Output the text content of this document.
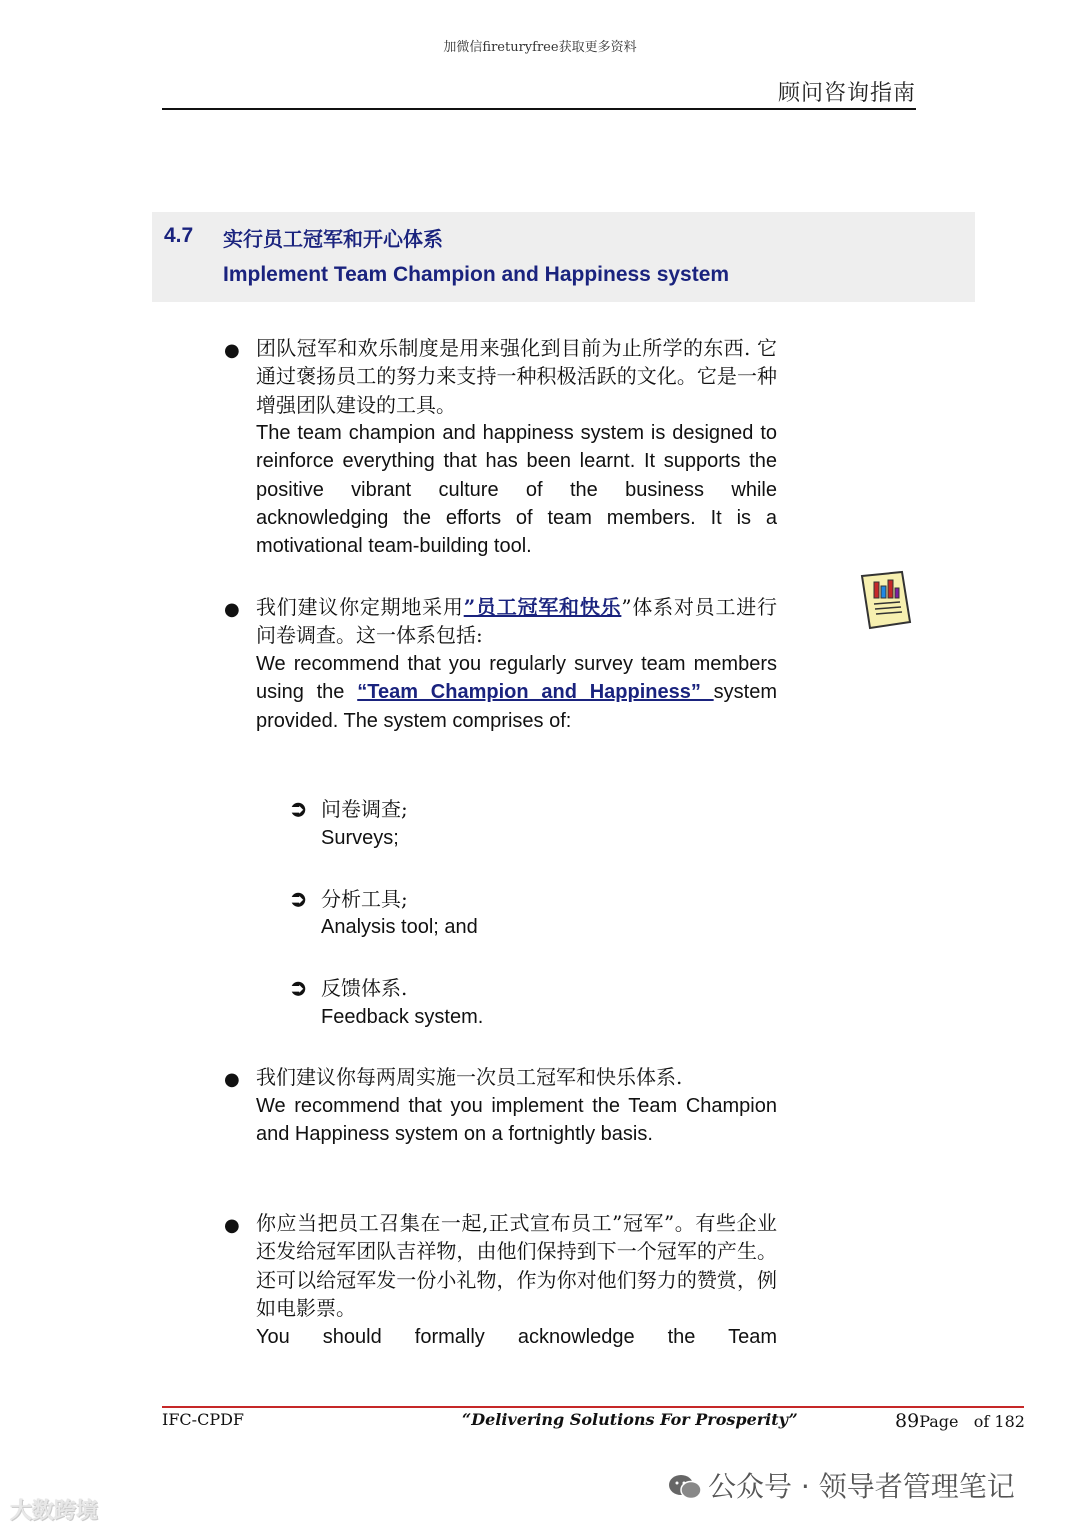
加微信fireturyfree获取更多资料
顾问咨询指南
4.7 实行员工冠军和开心体系
Implement Team Champion and Happiness system
● 团队冠军和欢乐制度是用来强化到目前为止所学的东西. 它通过褒扬员工的努力来支持一种积极活跃的文化。它是一种增强团队建设的工具。
The team champion and happiness system is designed to reinforce everything that has been learnt. It supports the positive vibrant culture of the business while acknowledging the efforts of team members. It is a motivational team-building tool.
● 我们建议你定期地采用”员工冠军和快乐”体系对员工进行问卷调查。这一体系包括:
We recommend that you regularly survey team members using the “Team Champion and Happiness” system provided. The system comprises of:
➲ 问卷调查;
Surveys;
➲ 分析工具;
Analysis tool; and
➲ 反馈体系.
Feedback system.
● 我们建议你每两周实施一次员工冠军和快乐体系.
We recommend that you implement the Team Champion and Happiness system on a fortnightly basis.
● 你应当把员工召集在一起,正式宣布员工”冠军”。有些企业还发给冠军团队吉祥物，由他们保持到下一个冠军的产生。 还可以给冠军发一份小礼物，作为你对他们努力的赞赏，例如电影票。
You should formally acknowledge the Team
IFC-CPDF	“Delivering Solutions For Prosperity”	89Page of 182
大数跨境
公众号 · 领导者管理笔记
